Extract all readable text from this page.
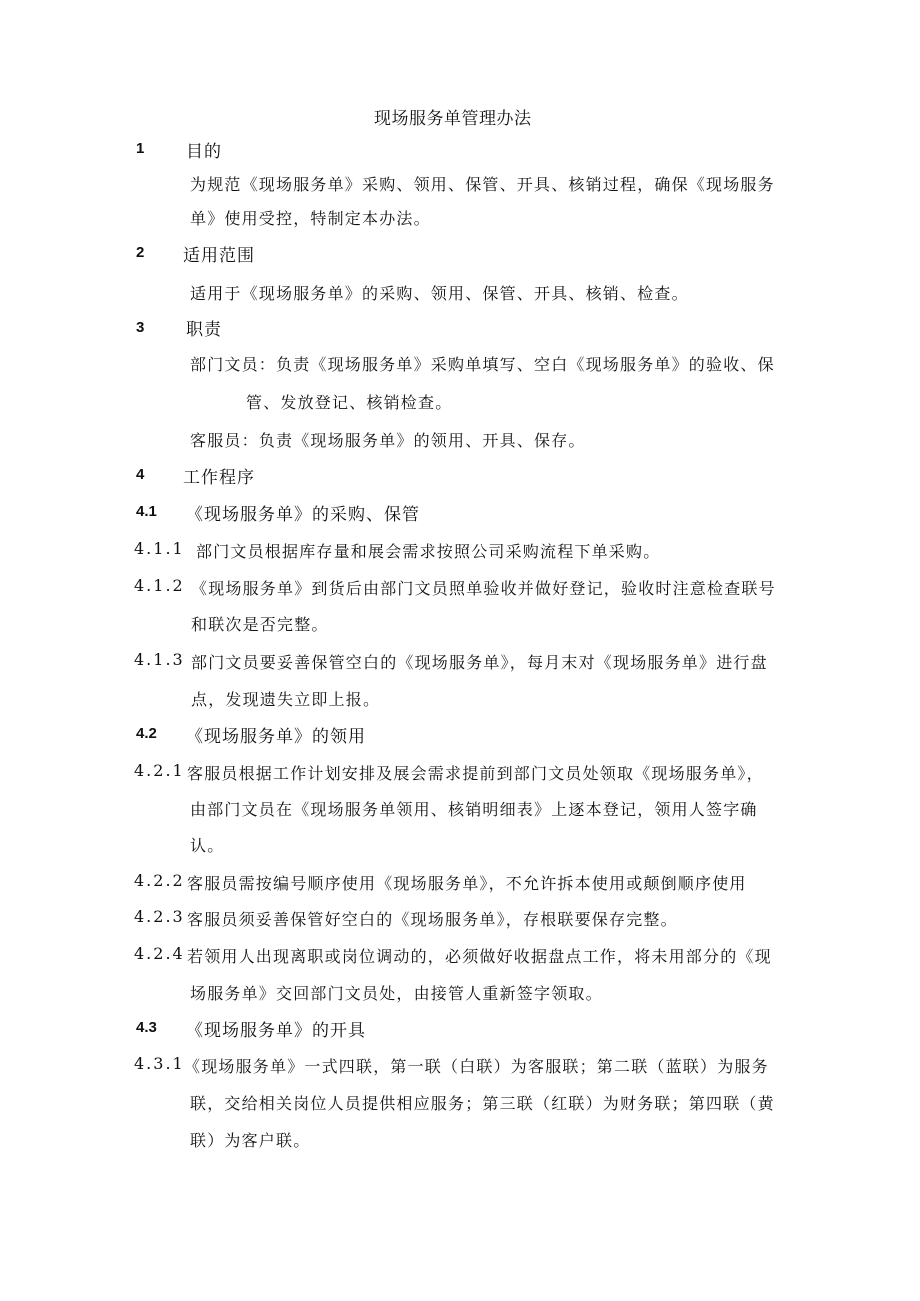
现场服务单管理办法
1 目的
为规范《现场服务单》采购、领用、保管、开具、核销过程，确保《现场服务
单》使用受控，特制定本办法。
2 适用范围
适用于《现场服务单》的采购、领用、保管、开具、核销、检查。
3 职责
部门文员：负责《现场服务单》采购单填写、空白《现场服务单》的验收、保
管、发放登记、核销检查。
客服员：负责《现场服务单》的领用、开具、保存。
4 工作程序
4.1 《现场服务单》的采购、保管
4.1.1 部门文员根据库存量和展会需求按照公司采购流程下单采购。
4.1.2 《现场服务单》到货后由部门文员照单验收并做好登记，验收时注意检查联号
和联次是否完整。
4.1.3 部门文员要妥善保管空白的《现场服务单》，每月末对《现场服务单》进行盘
点，发现遗失立即上报。
4.2 《现场服务单》的领用
4.2.1 客服员根据工作计划安排及展会需求提前到部门文员处领取《现场服务单》，
由部门文员在《现场服务单领用、核销明细表》上逐本登记，领用人签字确
认。
4.2.2 客服员需按编号顺序使用《现场服务单》，不允许拆本使用或颠倒顺序使用
4.2.3 客服员须妥善保管好空白的《现场服务单》，存根联要保存完整。
4.2.4 若领用人出现离职或岗位调动的，必须做好收据盘点工作，将未用部分的《现
场服务单》交回部门文员处，由接管人重新签字领取。
4.3 《现场服务单》的开具
4.3.1 《现场服务单》一式四联，第一联（白联）为客服联；第二联（蓝联）为服务
联，交给相关岗位人员提供相应服务；第三联（红联）为财务联；第四联（黄
联）为客户联。
